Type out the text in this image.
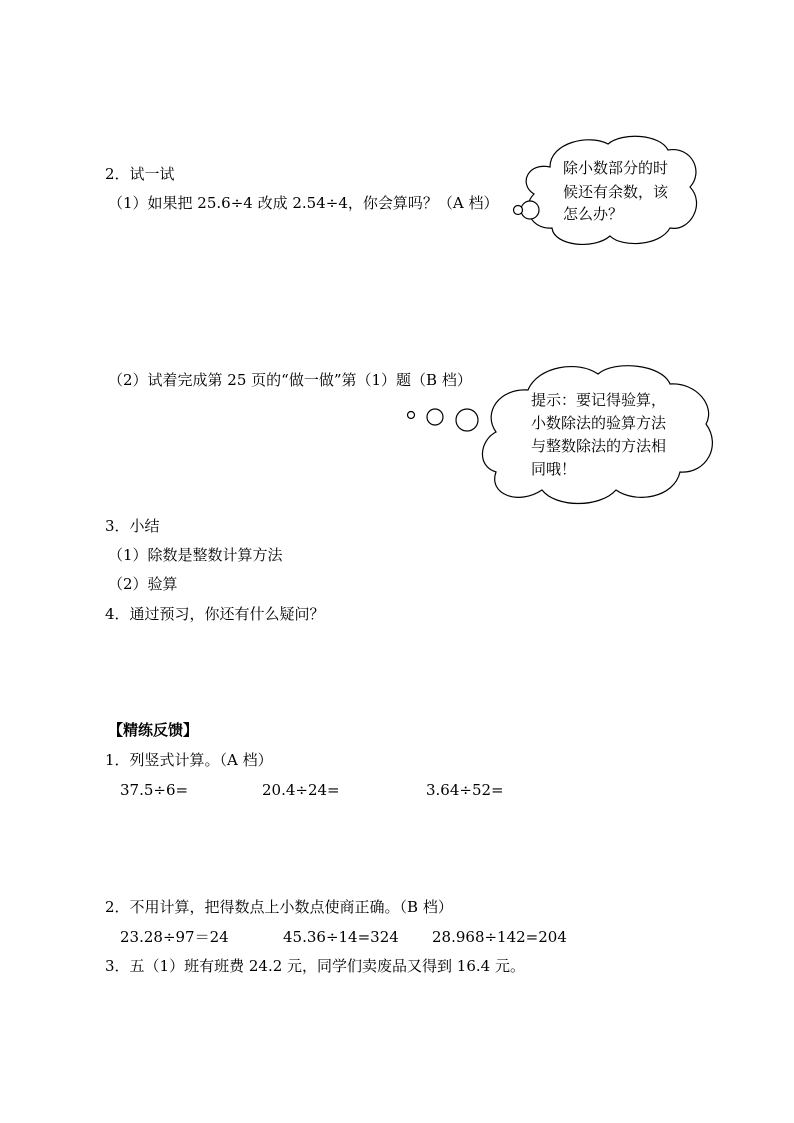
2．试一试
（1）如果把 25.6÷4 改成 2.54÷4，你会算吗？（A 档）
除小数部分的时
候还有余数，该
怎么办？
（2）试着完成第 25 页的“做一做”第（1）题（B 档）
提示：要记得验算，
小数除法的验算方法
与整数除法的方法相
同哦！
3．小结
（1）除数是整数计算方法
（2）验算
4．通过预习，你还有什么疑问？
【精练反馈】
1．列竖式计算。（A 档）
37.5÷6=	20.4÷24=	3.64÷52=
2．不用计算，把得数点上小数点使商正确。（B 档）
23.28÷97＝24	45.36÷14=324 28.968÷142=204
3．五（1）班有班费 24.2 元，同学们卖废品又得到 16.4 元。
